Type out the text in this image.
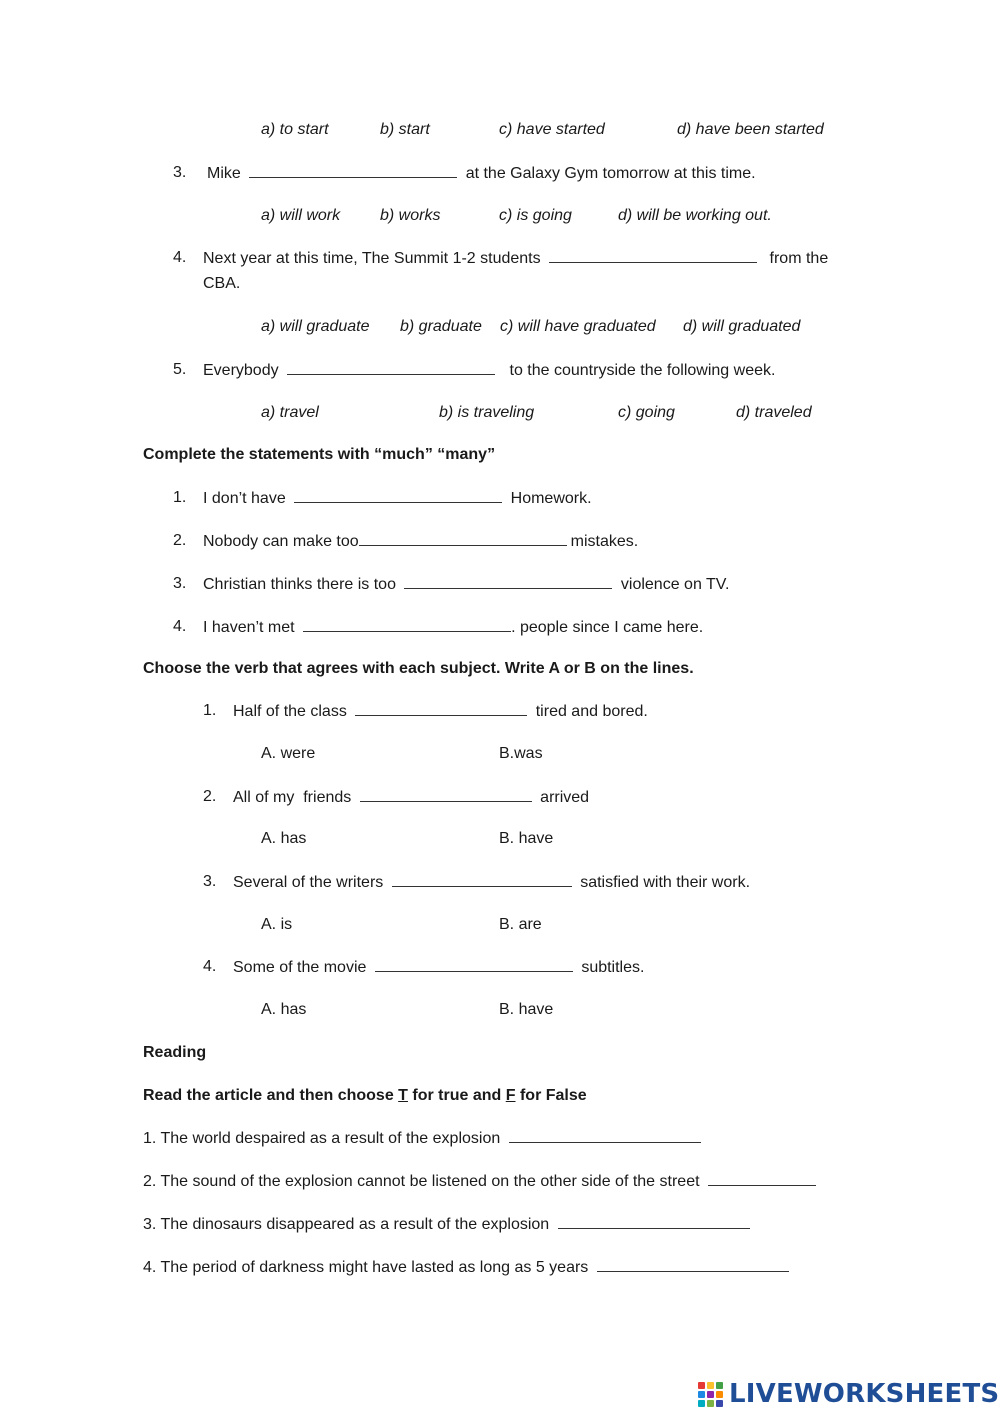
a) to start	b) start	c) have started	d) have been started
3. Mike	at the Galaxy Gym tomorrow at this time.
a) will work b) works	c) is going	d) will be working out.
4. Next year at this time, The Summit 1-2 students	from the
CBA.
a) will graduate b) graduate c) will have graduated d) will graduated
5. Everybody	to the countryside the following week.
a) travel	b) is traveling	c) going	d) traveled
Complete the statements with “much” “many”
1. I don’t have	Homework.
2. Nobody can make too	mistakes.
3. Christian thinks there is too	violence on TV.
4. I haven’t met	. people since I came here.
Choose the verb that agrees with each subject. Write A or B on the lines.
1. Half of the class	tired and bored.
A. were	B.was
2. All of my  friends	arrived
A. has	B. have
3. Several of the writers	satisfied with their work.
A. is	B. are
4. Some of the movie	subtitles.
A. has	B. have
Reading
Read the article and then choose T for true and F for False
1. The world despaired as a result of the explosion
2. The sound of the explosion cannot be listened on the other side of the street
3. The dinosaurs disappeared as a result of the explosion
4. The period of darkness might have lasted as long as 5 years
LIVEWORKSHEETS
